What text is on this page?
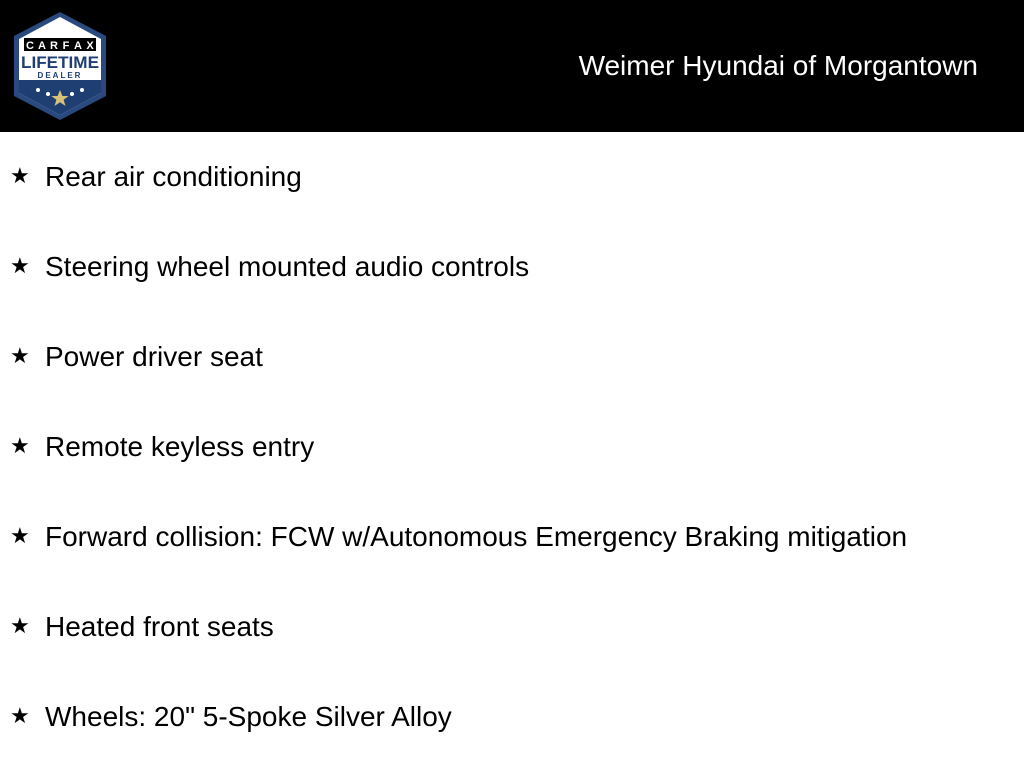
C A R F A X
LIFETIME
DEALER	Weimer Hyundai of Morgantown
★ Rear air conditioning
★ Steering wheel mounted audio controls
★ Power driver seat
★ Remote keyless entry
★ Forward collision: FCW w/Autonomous Emergency Braking mitigation
★ Heated front seats
★ Wheels: 20" 5-Spoke Silver Alloy
